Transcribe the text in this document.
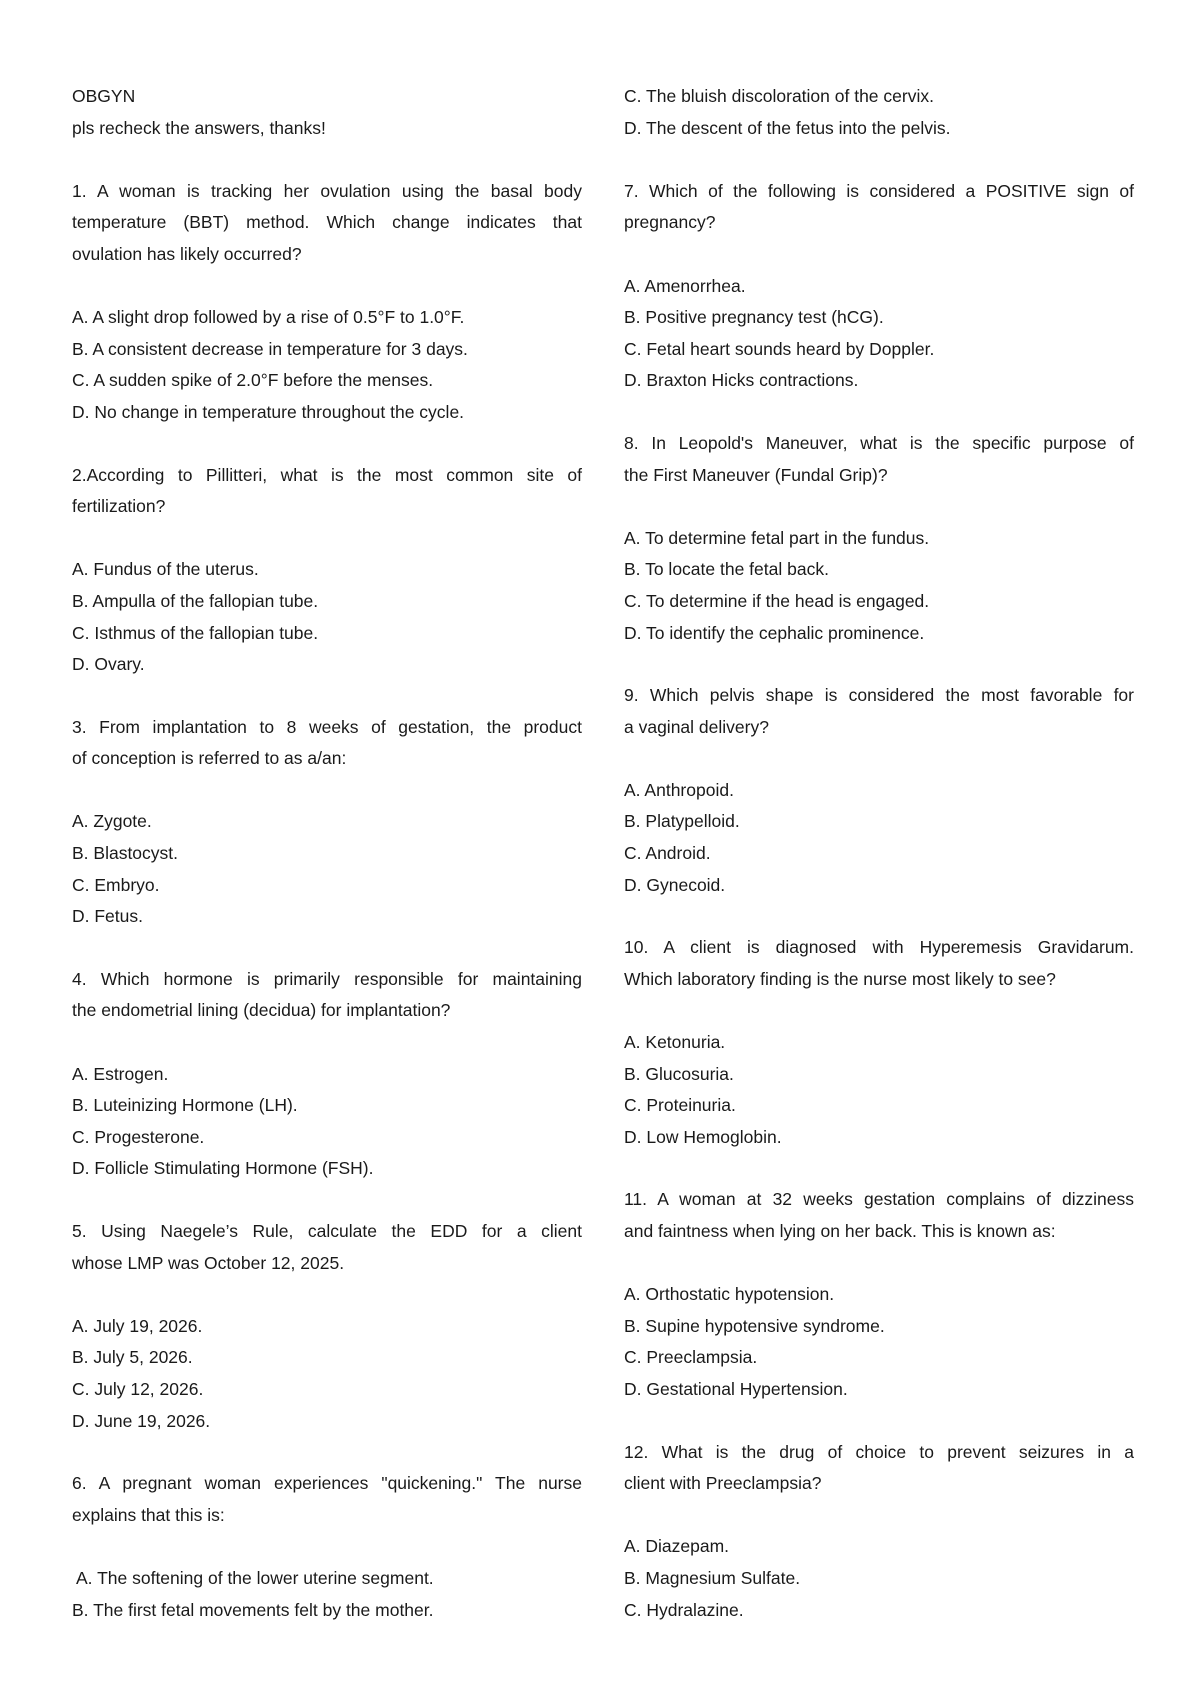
OBGYN
pls recheck the answers, thanks!
1. A woman is tracking her ovulation using the basal body
temperature (BBT) method. Which change indicates that
ovulation has likely occurred?
A. A slight drop followed by a rise of 0.5°F to 1.0°F.
B. A consistent decrease in temperature for 3 days.
C. A sudden spike of 2.0°F before the menses.
D. No change in temperature throughout the cycle.
2.According to Pillitteri, what is the most common site of
fertilization?
A. Fundus of the uterus.
B. Ampulla of the fallopian tube.
C. Isthmus of the fallopian tube.
D. Ovary.
3. From implantation to 8 weeks of gestation, the product
of conception is referred to as a/an:
A. Zygote.
B. Blastocyst.
C. Embryo.
D. Fetus.
4. Which hormone is primarily responsible for maintaining
the endometrial lining (decidua) for implantation?
A. Estrogen.
B. Luteinizing Hormone (LH).
C. Progesterone.
D. Follicle Stimulating Hormone (FSH).
5. Using Naegele’s Rule, calculate the EDD for a client
whose LMP was October 12, 2025.
A. July 19, 2026.
B. July 5, 2026.
C. July 12, 2026.
D. June 19, 2026.
6. A pregnant woman experiences "quickening." The nurse
explains that this is:
A. The softening of the lower uterine segment.
B. The first fetal movements felt by the mother.
C. The bluish discoloration of the cervix.
D. The descent of the fetus into the pelvis.
7. Which of the following is considered a POSITIVE sign of
pregnancy?
A. Amenorrhea.
B. Positive pregnancy test (hCG).
C. Fetal heart sounds heard by Doppler.
D. Braxton Hicks contractions.
8. In Leopold's Maneuver, what is the specific purpose of
the First Maneuver (Fundal Grip)?
A. To determine fetal part in the fundus.
B. To locate the fetal back.
C. To determine if the head is engaged.
D. To identify the cephalic prominence.
9. Which pelvis shape is considered the most favorable for
a vaginal delivery?
A. Anthropoid.
B. Platypelloid.
C. Android.
D. Gynecoid.
10. A client is diagnosed with Hyperemesis Gravidarum.
Which laboratory finding is the nurse most likely to see?
A. Ketonuria.
B. Glucosuria.
C. Proteinuria.
D. Low Hemoglobin.
11. A woman at 32 weeks gestation complains of dizziness
and faintness when lying on her back. This is known as:
A. Orthostatic hypotension.
B. Supine hypotensive syndrome.
C. Preeclampsia.
D. Gestational Hypertension.
12. What is the drug of choice to prevent seizures in a
client with Preeclampsia?
A. Diazepam.
B. Magnesium Sulfate.
C. Hydralazine.
